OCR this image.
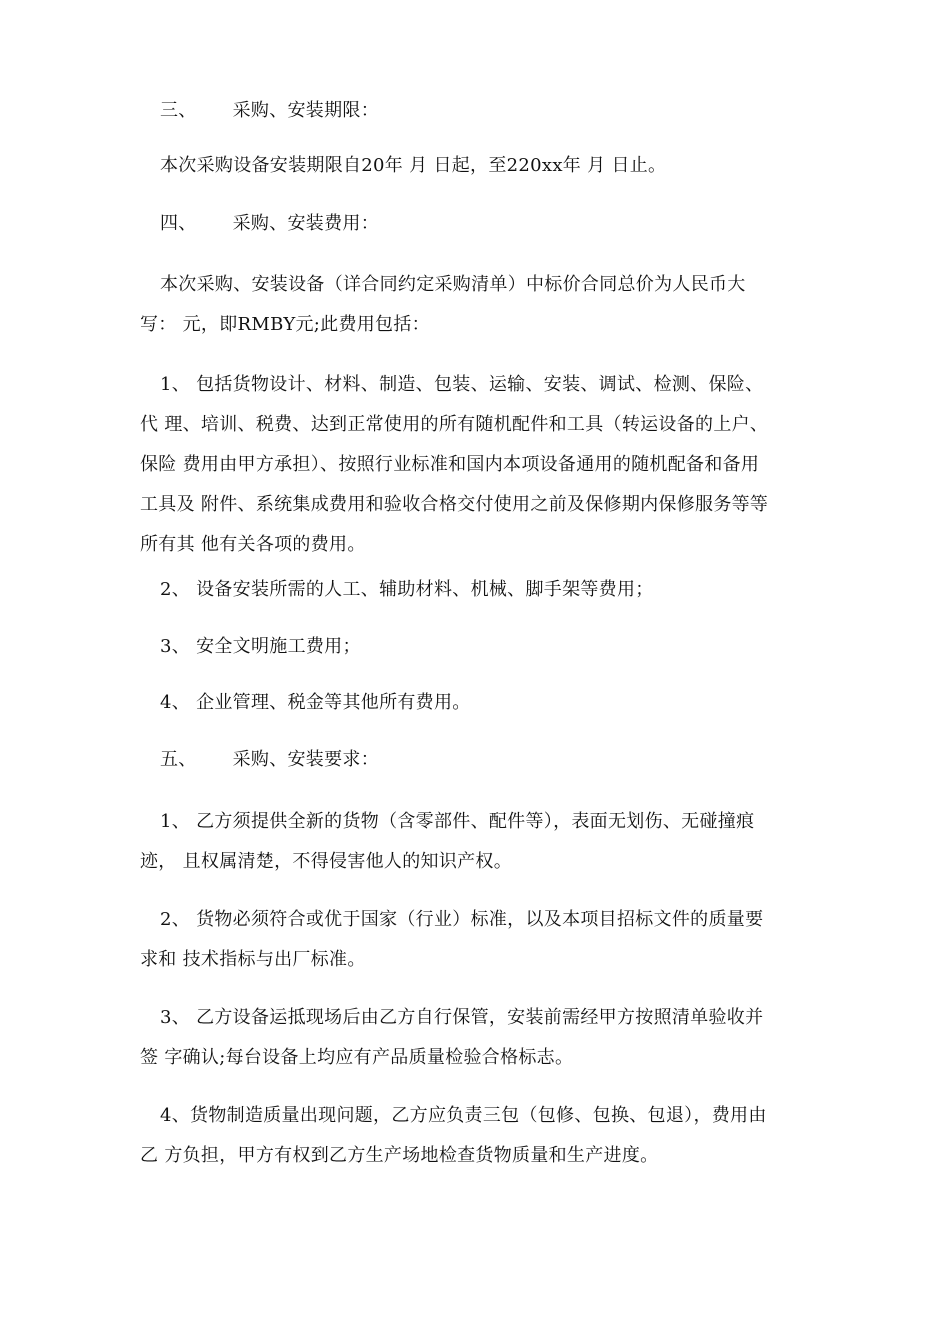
三、 采购、安装期限：
本次采购设备安装期限自20年 月 日起，至220xx年 月 日止。
四、 采购、安装费用：
本次采购、安装设备（详合同约定采购清单）中标价合同总价为人民币大
写： 元，即RMBY元;此费用包括：
1、 包括货物设计、材料、制造、包装、运输、安装、调试、检测、保险、
代 理、培训、税费、达到正常使用的所有随机配件和工具（转运设备的上户、
保险 费用由甲方承担）、按照行业标准和国内本项设备通用的随机配备和备用
工具及 附件、系统集成费用和验收合格交付使用之前及保修期内保修服务等等
所有其 他有关各项的费用。
2、 设备安装所需的人工、辅助材料、机械、脚手架等费用；
3、 安全文明施工费用；
4、 企业管理、税金等其他所有费用。
五、 采购、安装要求：
1、 乙方须提供全新的货物（含零部件、配件等），表面无划伤、无碰撞痕
迹， 且权属清楚，不得侵害他人的知识产权。
2、 货物必须符合或优于国家（行业）标准，以及本项目招标文件的质量要
求和 技术指标与出厂标准。
3、 乙方设备运抵现场后由乙方自行保管，安装前需经甲方按照清单验收并
签 字确认;每台设备上均应有产品质量检验合格标志。
4、货物制造质量出现问题，乙方应负责三包（包修、包换、包退），费用由
乙 方负担，甲方有权到乙方生产场地检查货物质量和生产进度。
